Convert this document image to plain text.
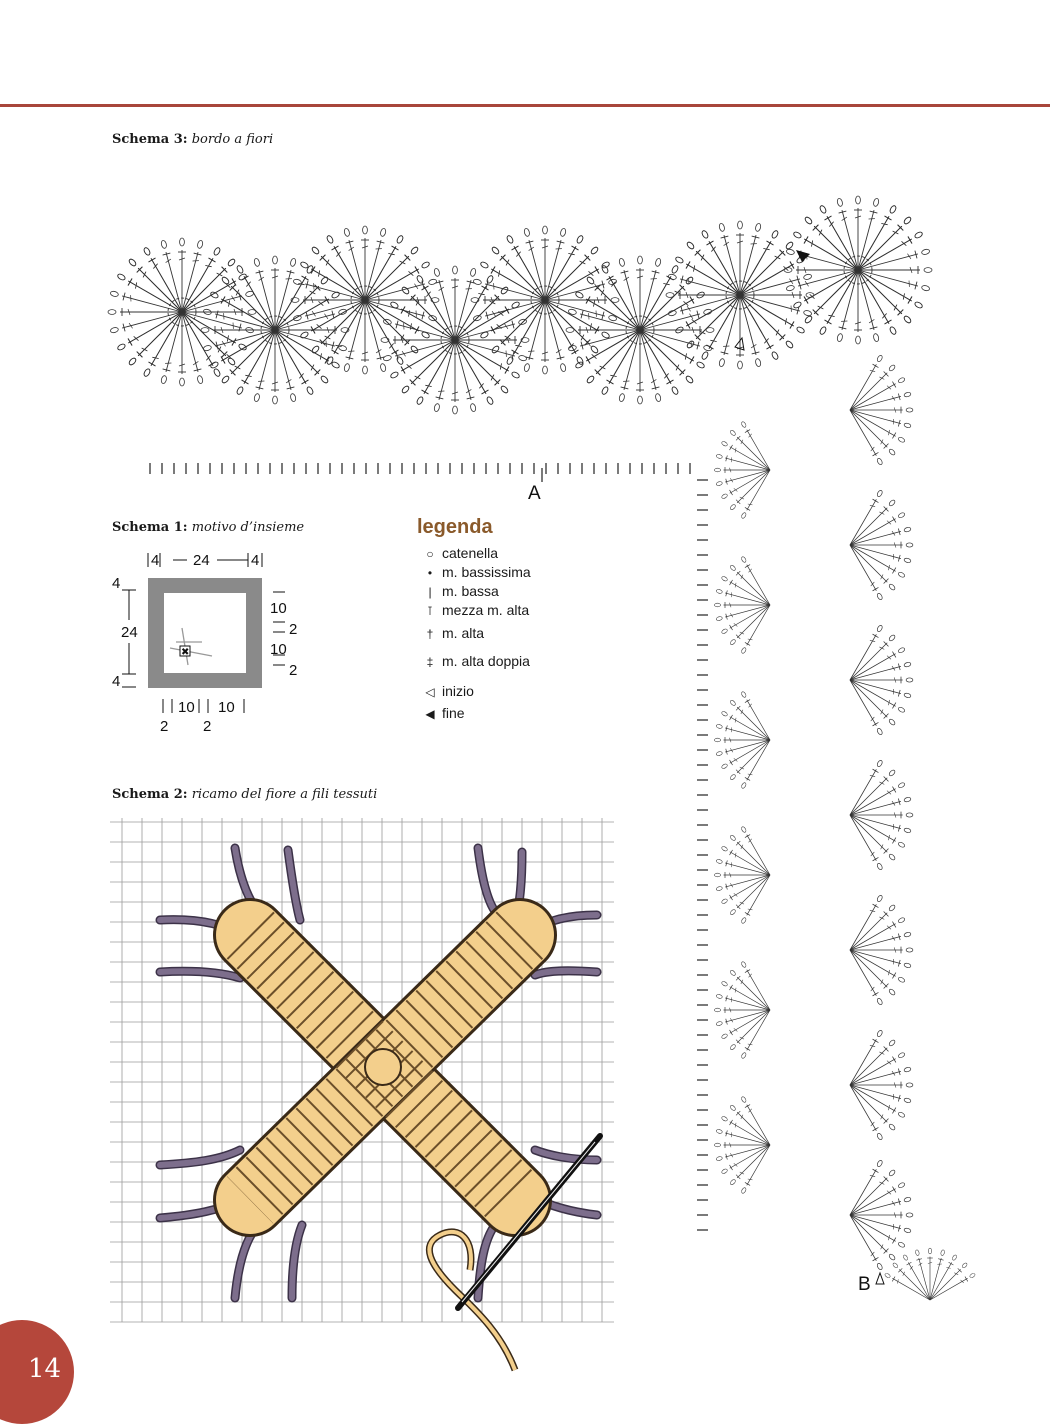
Schema 3: bordo a fiori
Schema 1: motivo d’insieme
Schema 2: ricamo del fiore a fili tessuti
legenda
○ catenella
• m. bassissima
| m. bassa
⊺ mezza m. alta
† m. alta
‡ m. alta doppia
◁ inizio
◀ fine
A
B
✖
4 24	4
4
24
4
10
2
10
2
10 10
2 2
14
